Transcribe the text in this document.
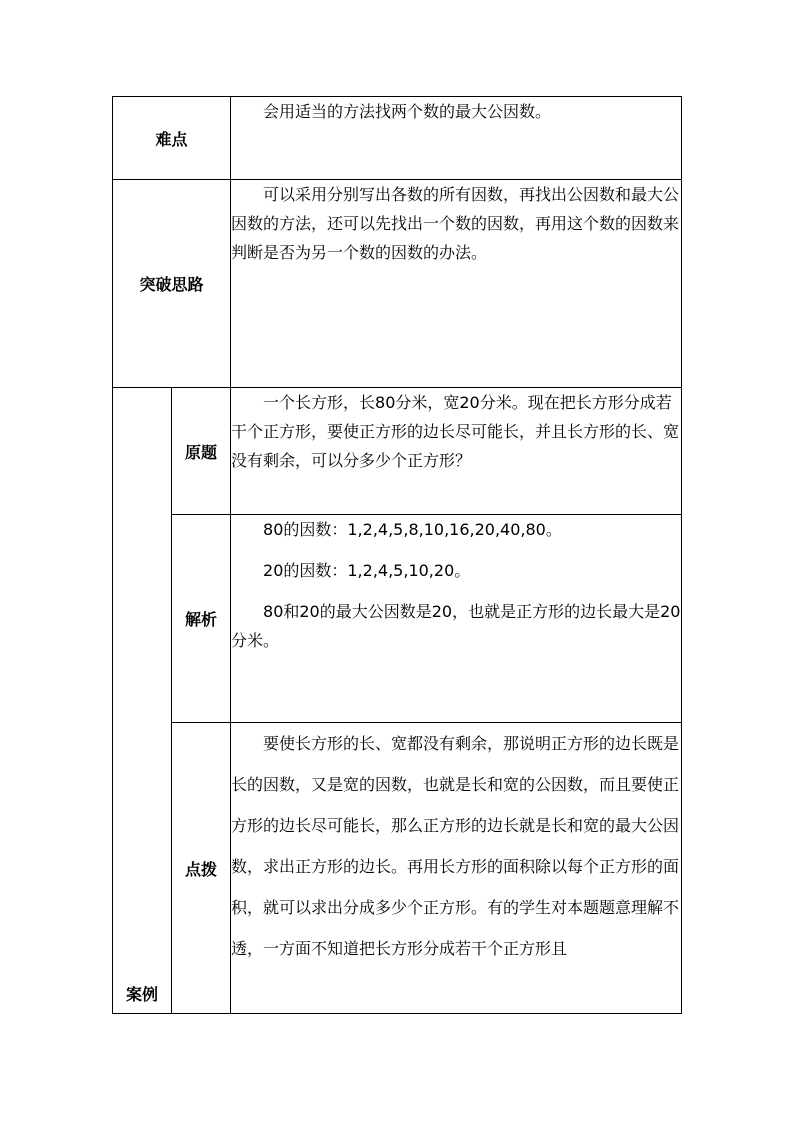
难点		会用适当的方法找两个数的最大公因数。

突破思路		可以采用分别写出各数的所有因数，再找出公因数和最大公因数的方法，还可以先找出一个数的因数，再用这个数的因数来判断是否为另一个数的因数的办法。

案例	原题	一个长方形，长80分米，宽20分米。现在把长方形分成若干个正方形，要使正方形的边长尽可能长，并且长方形的长、宽没有剩余，可以分多少个正方形？

	解析	80的因数：1,2,4,5,8,10,16,20,40,80。

20的因数：1,2,4,5,10,20。

80和20的最大公因数是20，也就是正方形的边长最大是20分米。

	点拨	要使长方形的长、宽都没有剩余，那说明正方形的边长既是长的因数，又是宽的因数，也就是长和宽的公因数，而且要使正方形的边长尽可能长，那么正方形的边长就是长和宽的最大公因数，求出正方形的边长。再用长方形的面积除以每个正方形的面积，就可以求出分成多少个正方形。有的学生对本题题意理解不透，一方面不知道把长方形分成若干个正方形且
